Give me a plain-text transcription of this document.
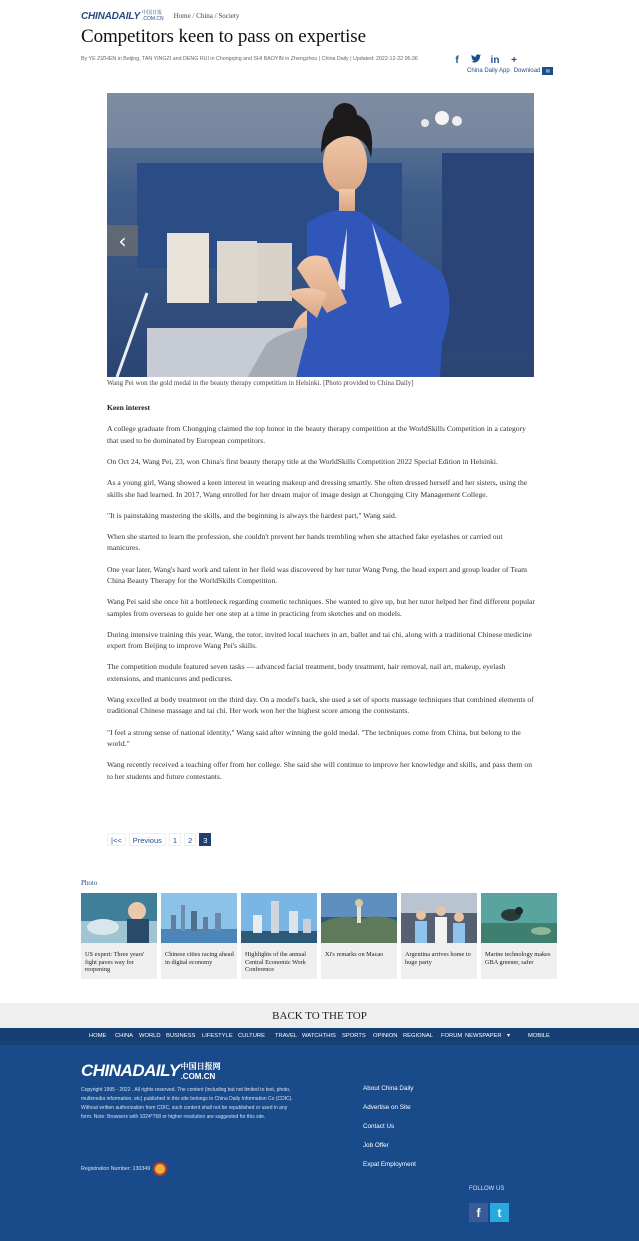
CHINADAILY 中国日报
.COM.CN Home / China / Society
Competitors keen to pass on expertise
By YE ZIZHEN in Beijing, TAN YINGZI and DENG RUI in Chongqing and SHI BAOYIN in Zhengzhou | China Daily | Updated: 2022-12-22 06:36	f	in +
China Daily App Download ▤
‹
Wang Pei won the gold medal in the beauty therapy competition in Helsinki. [Photo provided to China Daily]
Keen interest

A college graduate from Chongqing claimed the top honor in the beauty therapy competition at the WorldSkills Competition in a category that used to be dominated by European competitors.

On Oct 24, Wang Pei, 23, won China's first beauty therapy title at the WorldSkills Competition 2022 Special Edition in Helsinki.

As a young girl, Wang showed a keen interest in wearing makeup and dressing smartly. She often dressed herself and her sisters, using the skills she had learned. In 2017, Wang enrolled for her dream major of image design at Chongqing City Management College.

"It is painstaking mastering the skills, and the beginning is always the hardest part," Wang said.

When she started to learn the profession, she couldn't prevent her hands trembling when she attached fake eyelashes or carried out manicures.

One year later, Wang's hard work and talent in her field was discovered by her tutor Wang Peng, the head expert and group leader of Team China Beauty Therapy for the WorldSkills Competition.

Wang Pei said she once hit a bottleneck regarding cosmetic techniques. She wanted to give up, but her tutor helped her find different popular samples from overseas to guide her one step at a time in practicing from sketches and on models.

During intensive training this year, Wang, the tutor, invited local teachers in art, ballet and tai chi, along with a traditional Chinese medicine expert from Beijing to improve Wang Pei's skills.

The competition module featured seven tasks — advanced facial treatment, body treatment, hair removal, nail art, makeup, eyelash extensions, and manicures and pedicures.

Wang excelled at body treatment on the third day. On a model's back, she used a set of sports massage techniques that combined elements of traditional Chinese massage and tai chi. Her work won her the highest score among the contestants.

"I feel a strong sense of national identity," Wang said after winning the gold medal. "The techniques come from China, but belong to the world."

Wang recently received a teaching offer from her college. She said she will continue to improve her knowledge and skills, and pass them on to her students and future contestants.

|<<	Previous	1	2	3
Photo
US expert: Three years' fight paves way for reopening
Chinese cities racing ahead in digital economy
Highlights of the annual Central Economic Work Conference
Xi's remarks on Macao	Argentina arrives home to huge party
Marine technology makes GBA greener, safer
BACK TO THE TOP
HOME CHINA WORLD BUSINESS LIFESTYLE CULTURE TRAVEL WATCHTHIS SPORTS OPINION REGIONAL FORUM NEWSPAPER ▾	MOBILE
CHINADAILY 中国日报网
.COM.CN
Copyright 1995 - 2022 . All rights reserved. The content (including but not limited to text, photo, multimedia information, etc) published in this site belongs to China Daily Information Co (CDIC). Without written authorization from CDIC, such content shall not be republished or used in any form. Note: Browsers with 1024*768 or higher resolution are suggested for this site.
Registration Number: 130349
About China Daily
Advertise on Site
Contact Us
Job Offer
Expat Employment
FOLLOW US
f	t
